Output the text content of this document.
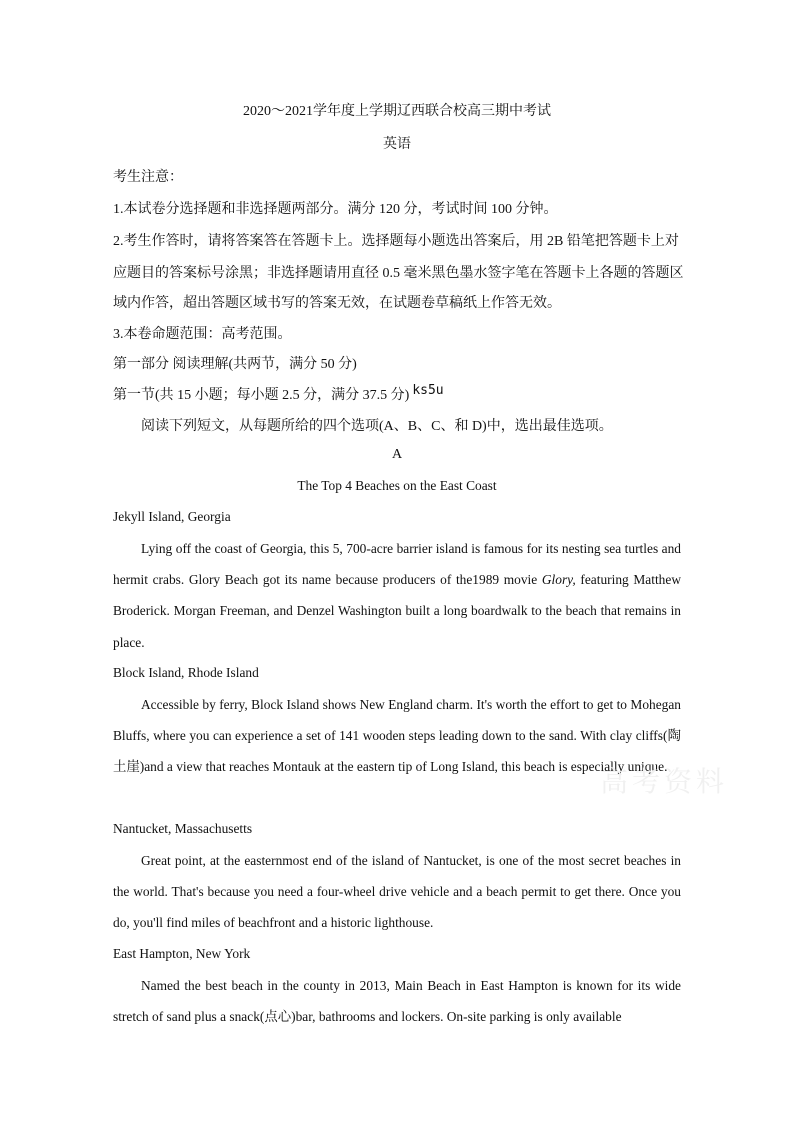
2020～2021学年度上学期辽西联合校高三期中考试
英语
考生注意：
1.本试卷分选择题和非选择题两部分。满分 120 分，考试时间 100 分钟。
2.考生作答时，请将答案答在答题卡上。选择题每小题选出答案后，用 2B 铅笔把答题卡上对
应题目的答案标号涂黑；非选择题请用直径 0.5 毫米黑色墨水签字笔在答题卡上各题的答题区
域内作答，超出答题区域书写的答案无效，在试题卷草稿纸上作答无效。
3.本卷命题范围：高考范围。
第一部分 阅读理解(共两节，满分 50 分)
第一节(共 15 小题；每小题 2.5 分，满分 37.5 分) ks5u
阅读下列短文，从每题所给的四个选项(A、B、C、和 D)中，选出最佳选项。
A
The Top 4 Beaches on the East Coast
Jekyll Island, Georgia
Lying off the coast of Georgia, this 5, 700-acre barrier island is famous for its nesting sea turtles and hermit crabs. Glory Beach got its name because producers of the1989 movie Glory, featuring Matthew Broderick. Morgan Freeman, and Denzel Washington built a long boardwalk to the beach that remains in place.
Block Island, Rhode Island
Accessible by ferry, Block Island shows New England charm. It's worth the effort to get to Mohegan Bluffs, where you can experience a set of 141 wooden steps leading down to the sand. With clay cliffs(陶土崖)and a view that reaches Montauk at the eastern tip of Long Island, this beach is especially unique.
Nantucket, Massachusetts
Great point, at the easternmost end of the island of Nantucket, is one of the most secret beaches in the world. That's because you need a four-wheel drive vehicle and a beach permit to get there. Once you do, you'll find miles of beachfront and a historic lighthouse.
East Hampton, New York
Named the best beach in the county in 2013, Main Beach in East Hampton is known for its wide stretch of sand plus a snack(点心)bar, bathrooms and lockers. On-site parking is only available
高考资料
